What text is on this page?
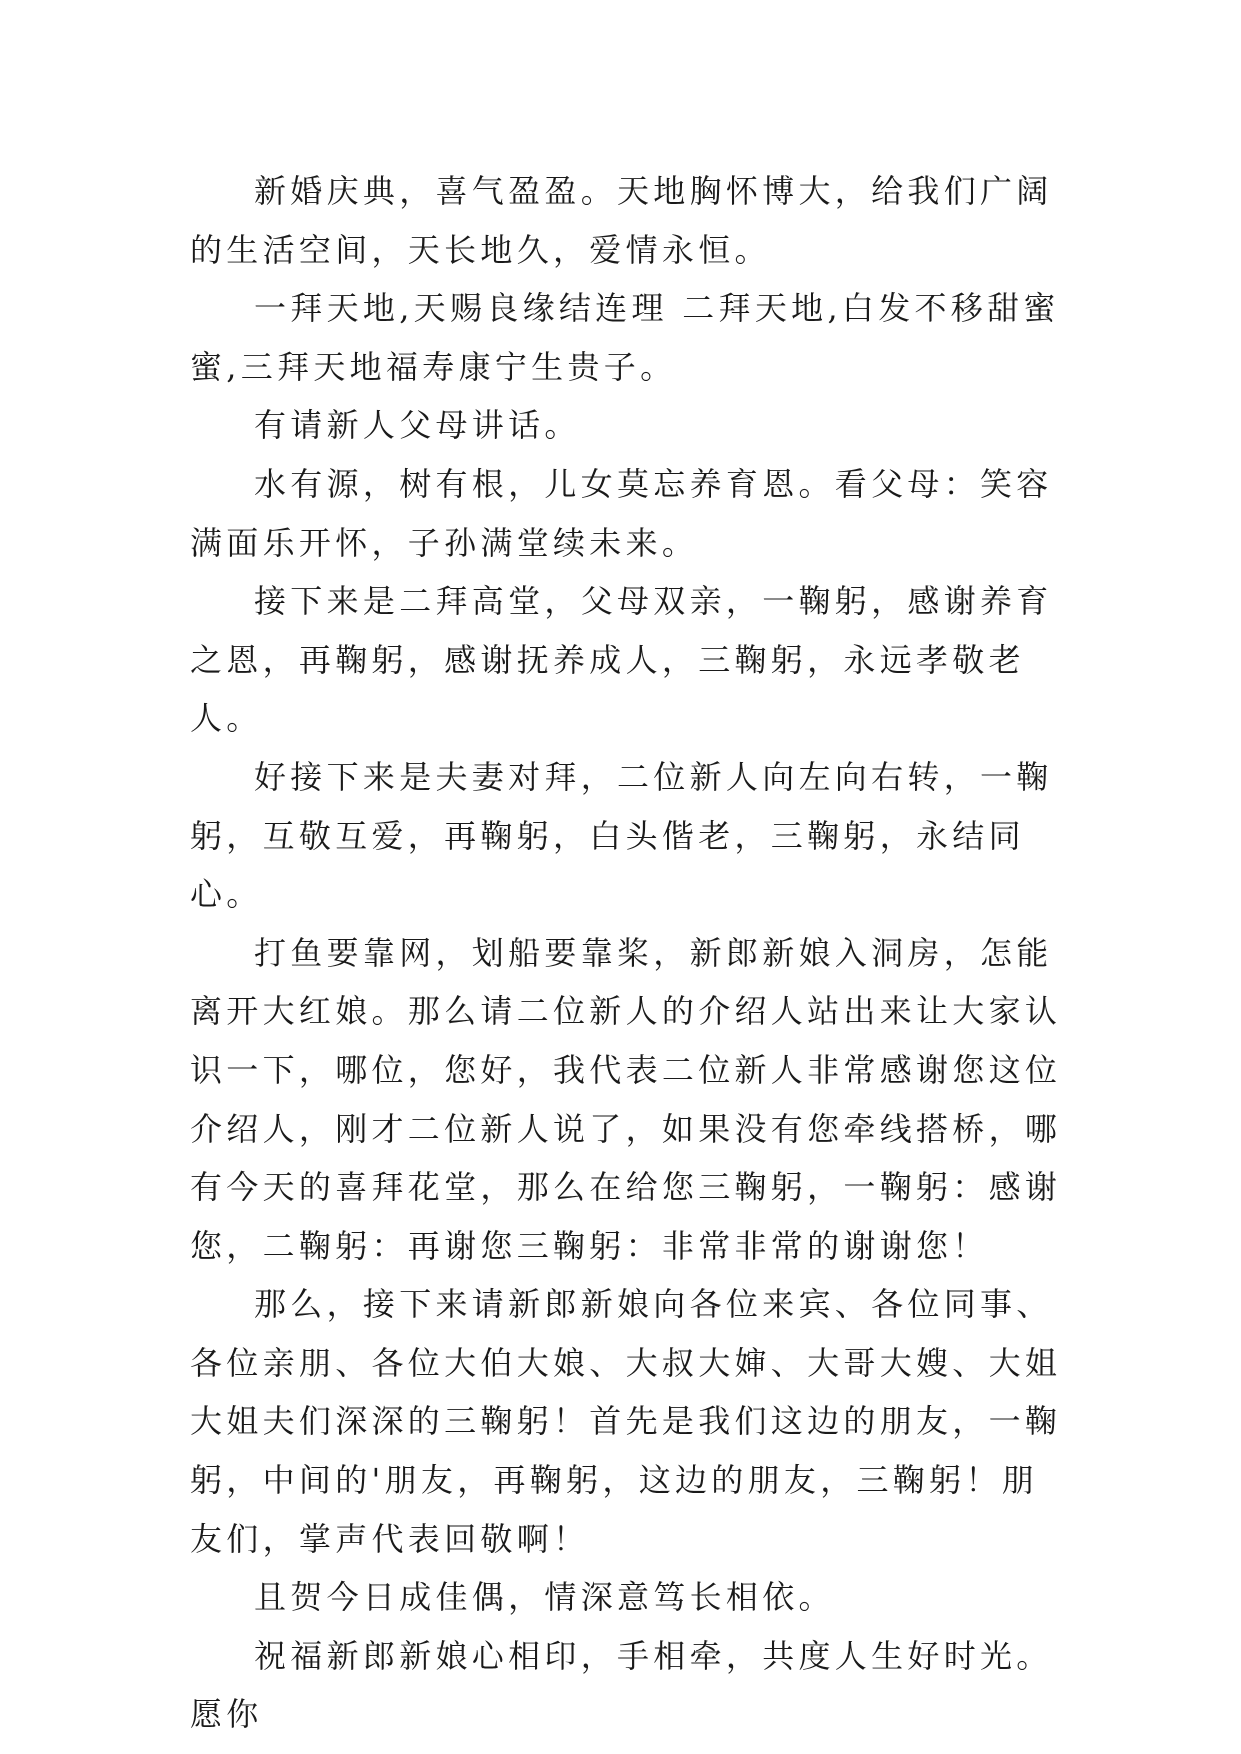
新婚庆典，喜气盈盈。天地胸怀博大，给我们广阔的生活空间，天长地久，爱情永恒。

一拜天地,天赐良缘结连理 二拜天地,白发不移甜蜜蜜,三拜天地福寿康宁生贵子。

有请新人父母讲话。

水有源，树有根，儿女莫忘养育恩。看父母：笑容满面乐开怀，子孙满堂续未来。

接下来是二拜高堂，父母双亲，一鞠躬，感谢养育之恩，再鞠躬，感谢抚养成人，三鞠躬，永远孝敬老人。

好接下来是夫妻对拜，二位新人向左向右转，一鞠躬，互敬互爱，再鞠躬，白头偕老，三鞠躬，永结同心。

打鱼要靠网，划船要靠桨，新郎新娘入洞房，怎能离开大红娘。那么请二位新人的介绍人站出来让大家认识一下，哪位，您好，我代表二位新人非常感谢您这位介绍人，刚才二位新人说了，如果没有您牵线搭桥，哪有今天的喜拜花堂，那么在给您三鞠躬，一鞠躬：感谢您，二鞠躬：再谢您三鞠躬：非常非常的谢谢您！

那么，接下来请新郎新娘向各位来宾、各位同事、各位亲朋、各位大伯大娘、大叔大婶、大哥大嫂、大姐大姐夫们深深的三鞠躬！首先是我们这边的朋友，一鞠躬，中间的'朋友，再鞠躬，这边的朋友，三鞠躬！朋友们，掌声代表回敬啊！

且贺今日成佳偶，情深意笃长相依。

祝福新郎新娘心相印，手相牵，共度人生好时光。愿你
